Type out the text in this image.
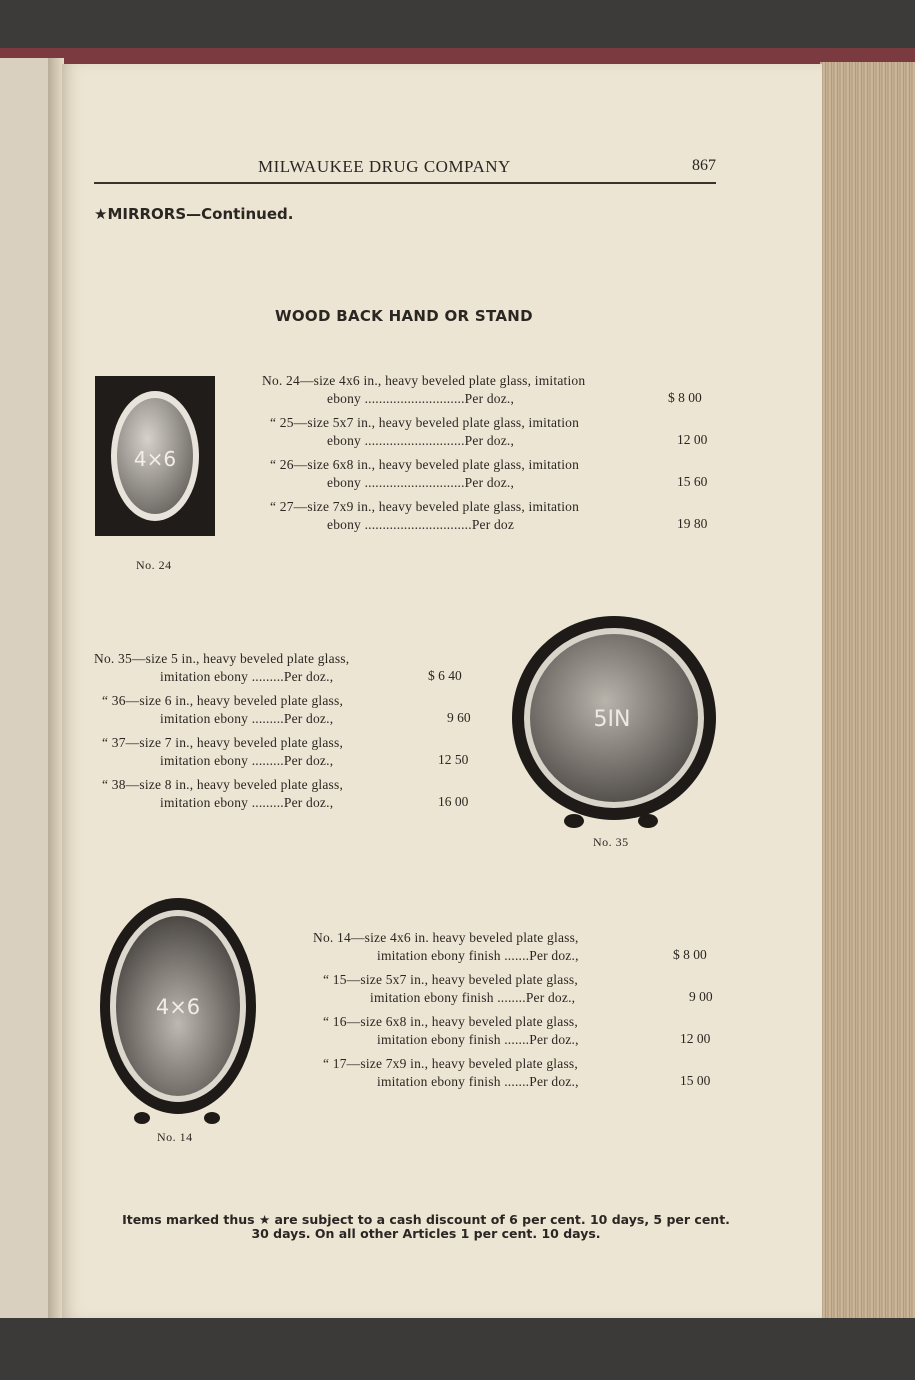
MILWAUKEE DRUG COMPANY	867
★MIRRORS—Continued.
WOOD BACK HAND OR STAND
4×6
No. 24
No. 24—size 4x6 in., heavy beveled plate glass, imitation
ebony ............................Per doz.,	$ 8 00
“ 25—size 5x7 in., heavy beveled plate glass, imitation
ebony ............................Per doz.,	12 00
“ 26—size 6x8 in., heavy beveled plate glass, imitation
ebony ............................Per doz.,	15 60
“ 27—size 7x9 in., heavy beveled plate glass, imitation
ebony ..............................Per doz	19 80
No. 35—size 5 in., heavy beveled plate glass,
imitation ebony .........Per doz.,	$ 6 40
“ 36—size 6 in., heavy beveled plate glass,
imitation ebony .........Per doz.,	9 60
“ 37—size 7 in., heavy beveled plate glass,
imitation ebony .........Per doz.,	12 50
“ 38—size 8 in., heavy beveled plate glass,
imitation ebony .........Per doz.,	16 00
5IN
No. 35
4×6
No. 14
No. 14—size 4x6 in. heavy beveled plate glass,
imitation ebony finish .......Per doz.,	$ 8 00
“ 15—size 5x7 in., heavy beveled plate glass,
imitation ebony finish ........Per doz.,	9 00
“ 16—size 6x8 in., heavy beveled plate glass,
imitation ebony finish .......Per doz.,	12 00
“ 17—size 7x9 in., heavy beveled plate glass,
imitation ebony finish .......Per doz.,	15 00
Items marked thus ★ are subject to a cash discount of 6 per cent. 10 days, 5 per cent.
30 days. On all other Articles 1 per cent. 10 days.
